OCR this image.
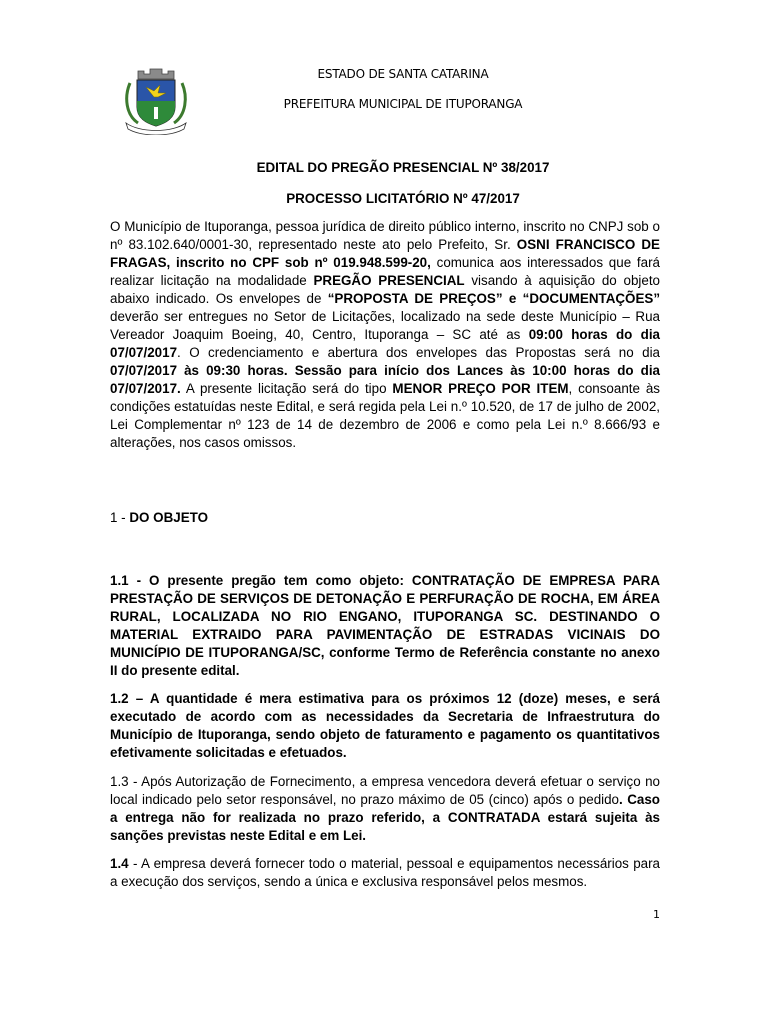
ESTADO DE SANTA CATARINA
PREFEITURA MUNICIPAL DE ITUPORANGA
EDITAL DO PREGÃO PRESENCIAL Nº 38/2017
PROCESSO LICITATÓRIO Nº 47/2017
O Município de Ituporanga, pessoa jurídica de direito público interno, inscrito no CNPJ sob o nº 83.102.640/0001-30, representado neste ato pelo Prefeito, Sr. OSNI FRANCISCO DE FRAGAS, inscrito no CPF sob nº 019.948.599-20, comunica aos interessados que fará realizar licitação na modalidade PREGÃO PRESENCIAL visando à aquisição do objeto abaixo indicado. Os envelopes de “PROPOSTA DE PREÇOS” e “DOCUMENTAÇÕES” deverão ser entregues no Setor de Licitações, localizado na sede deste Município – Rua Vereador Joaquim Boeing, 40, Centro, Ituporanga – SC até as 09:00 horas do dia 07/07/2017. O credenciamento e abertura dos envelopes das Propostas será no dia 07/07/2017 às 09:30 horas. Sessão para início dos Lances às 10:00 horas do dia 07/07/2017. A presente licitação será do tipo MENOR PREÇO POR ITEM, consoante às condições estatuídas neste Edital, e será regida pela Lei n.º 10.520, de 17 de julho de 2002, Lei Complementar nº 123 de 14 de dezembro de 2006 e como pela Lei n.º 8.666/93 e alterações, nos casos omissos.
1 - DO OBJETO
1.1 - O presente pregão tem como objeto: CONTRATAÇÃO DE EMPRESA PARA PRESTAÇÃO DE SERVIÇOS DE DETONAÇÃO E PERFURAÇÃO DE ROCHA, EM ÁREA RURAL, LOCALIZADA NO RIO ENGANO, ITUPORANGA SC. DESTINANDO O MATERIAL EXTRAIDO PARA PAVIMENTAÇÃO DE ESTRADAS VICINAIS DO MUNICÍPIO DE ITUPORANGA/SC, conforme Termo de Referência constante no anexo II do presente edital.
1.2 – A quantidade é mera estimativa para os próximos 12 (doze) meses, e será executado de acordo com as necessidades da Secretaria de Infraestrutura do Município de Ituporanga, sendo objeto de faturamento e pagamento os quantitativos efetivamente solicitadas e efetuados.
1.3 - Após Autorização de Fornecimento, a empresa vencedora deverá efetuar o serviço no local indicado pelo setor responsável, no prazo máximo de 05 (cinco) após o pedido. Caso a entrega não for realizada no prazo referido, a CONTRATADA estará sujeita às sanções previstas neste Edital e em Lei.
1.4 - A empresa deverá fornecer todo o material, pessoal e equipamentos necessários para a execução dos serviços, sendo a única e exclusiva responsável pelos mesmos.
1
